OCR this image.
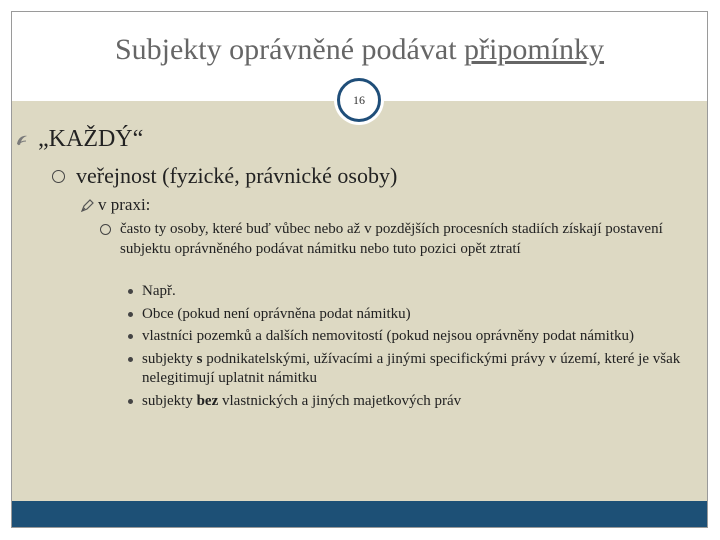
Subjekty oprávněné podávat připomínky
16
„KAŽDÝ“
veřejnost (fyzické, právnické osoby)
v praxi:
často ty osoby, které buď vůbec nebo až v pozdějších procesních stadiích získají postavení subjektu oprávněného podávat námitku nebo tuto pozici opět ztratí
Např.
Obce (pokud není oprávněna podat námitku)
vlastníci pozemků a dalších nemovitostí (pokud nejsou oprávněny podat námitku)
subjekty s podnikatelskými, užívacími a jinými specifickými právy v území, které je však nelegitimují uplatnit námitku
subjekty bez vlastnických a jiných majetkových práv
